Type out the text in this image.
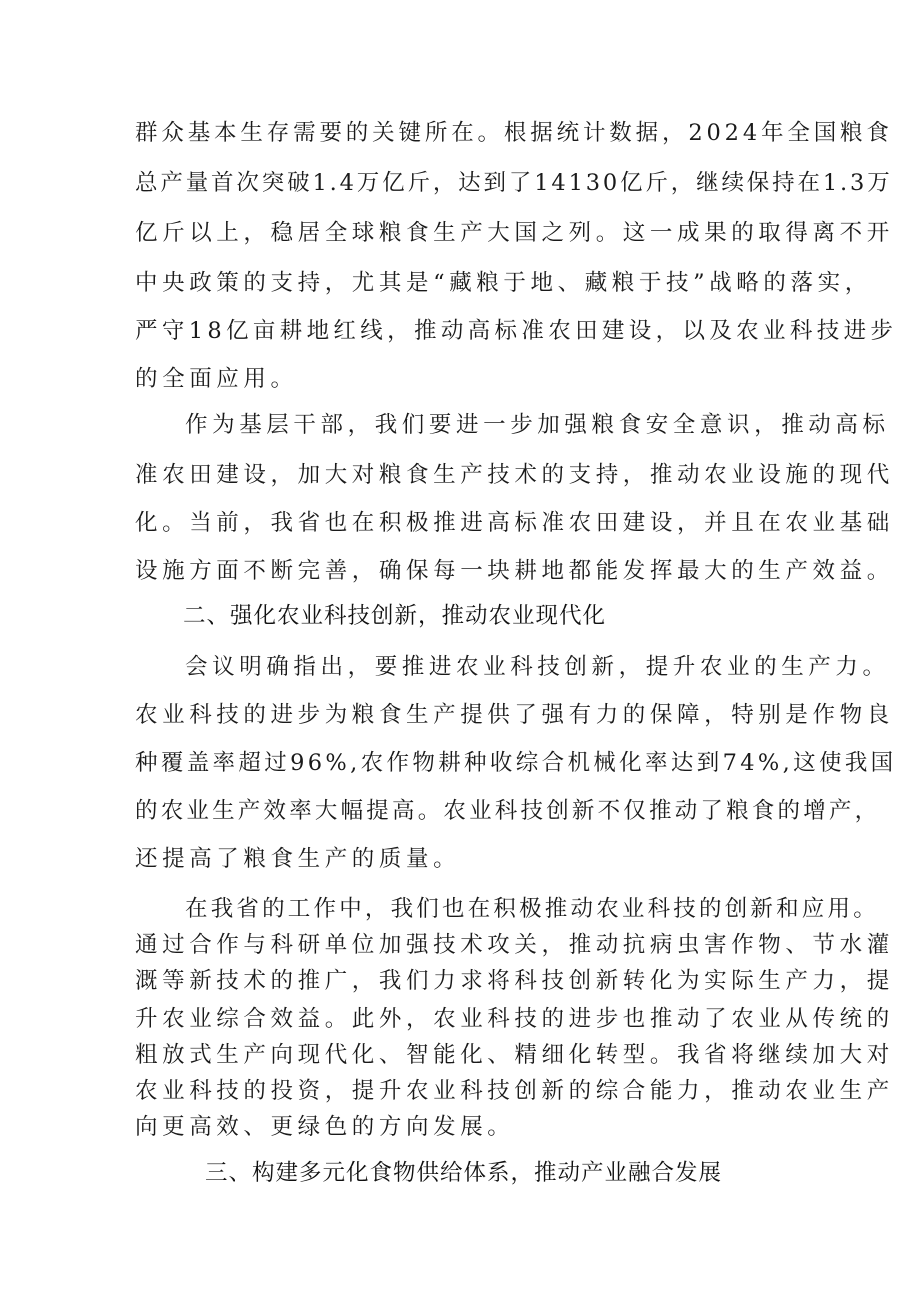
群众基本生存需要的关键所在。根据统计数据，2024年全国粮食
总产量首次突破1.4万亿斤，达到了14130亿斤，继续保持在1.3万
亿斤以上，稳居全球粮食生产大国之列。这一成果的取得离不开
中央政策的支持，尤其是“藏粮于地、藏粮于技”战略的落实，
严守18亿亩耕地红线，推动高标准农田建设，以及农业科技进步
的全面应用。
作为基层干部，我们要进一步加强粮食安全意识，推动高标
准农田建设，加大对粮食生产技术的支持，推动农业设施的现代
化。当前，我省也在积极推进高标准农田建设，并且在农业基础
设施方面不断完善，确保每一块耕地都能发挥最大的生产效益。
二、强化农业科技创新，推动农业现代化
会议明确指出，要推进农业科技创新，提升农业的生产力。
农业科技的进步为粮食生产提供了强有力的保障，特别是作物良
种覆盖率超过96%,农作物耕种收综合机械化率达到74%,这使我国
的农业生产效率大幅提高。农业科技创新不仅推动了粮食的增产，
还提高了粮食生产的质量。
在我省的工作中，我们也在积极推动农业科技的创新和应用。
通过合作与科研单位加强技术攻关，推动抗病虫害作物、节水灌
溉等新技术的推广，我们力求将科技创新转化为实际生产力，提
升农业综合效益。此外，农业科技的进步也推动了农业从传统的
粗放式生产向现代化、智能化、精细化转型。我省将继续加大对
农业科技的投资，提升农业科技创新的综合能力，推动农业生产
向更高效、更绿色的方向发展。
三、构建多元化食物供给体系，推动产业融合发展
